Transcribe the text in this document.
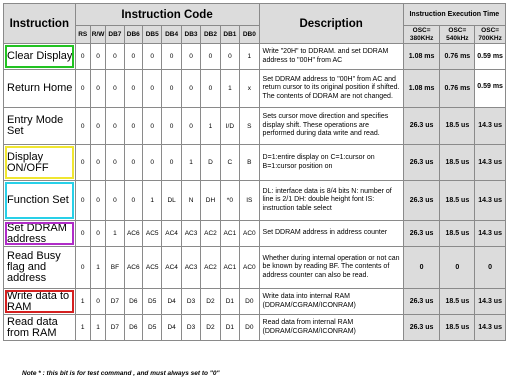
Instruction	Instruction Code										Description	Instruction Execution Time		
	RS	R/W	DB7	DB6	DB5	DB4	DB3	DB2	DB1	DB0		OSC= 380KHz	OSC= 540kHz	OSC= 700KHz
Clear Display	0	0	0	0	0	0	0	0	0	1	Write "20H" to DDRAM. and set DDRAM address to "00H" from AC	1.08 ms	0.76 ms	0.59 ms
Return Home	0	0	0	0	0	0	0	0	1	x	Set DDRAM address to "00H" from AC and return cursor to its original position if shifted. The contents of DDRAM are not changed.	1.08 ms	0.76 ms	0.59 ms
Entry Mode Set	0	0	0	0	0	0	0	1	I/D	S	Sets cursor move direction and specifies display shift. These operations are performed during data write and read.	26.3 us	18.5 us	14.3 us
Display ON/OFF	0	0	0	0	0	0	1	D	C	B	D=1:entire display on C=1:cursor on B=1:cursor position on	26.3 us	18.5 us	14.3 us
Function Set	0	0	0	0	1	DL	N	DH	*0	IS	DL: interface data is 8/4 bits N: number of line is 2/1 DH: double height font IS: instruction table select	26.3 us	18.5 us	14.3 us
Set DDRAM address	0	0	1	AC6	AC5	AC4	AC3	AC2	AC1	AC0	Set DDRAM address in address counter	26.3 us	18.5 us	14.3 us
Read Busy flag and address	0	1	BF	AC6	AC5	AC4	AC3	AC2	AC1	AC0	Whether during internal operation or not can be known by reading BF. The contents of address counter can also be read.	0	0	0
Write data to RAM	1	0	D7	D6	D5	D4	D3	D2	D1	D0	Write data into internal RAM (DDRAM/CGRAM/ICONRAM)	26.3 us	18.5 us	14.3 us
Read data from RAM	1	1	D7	D6	D5	D4	D3	D2	D1	D0	Read data from internal RAM (DDRAM/CGRAM/ICONRAM)	26.3 us	18.5 us	14.3 us
Note * : this bit is for test command , and must always set to "0"
